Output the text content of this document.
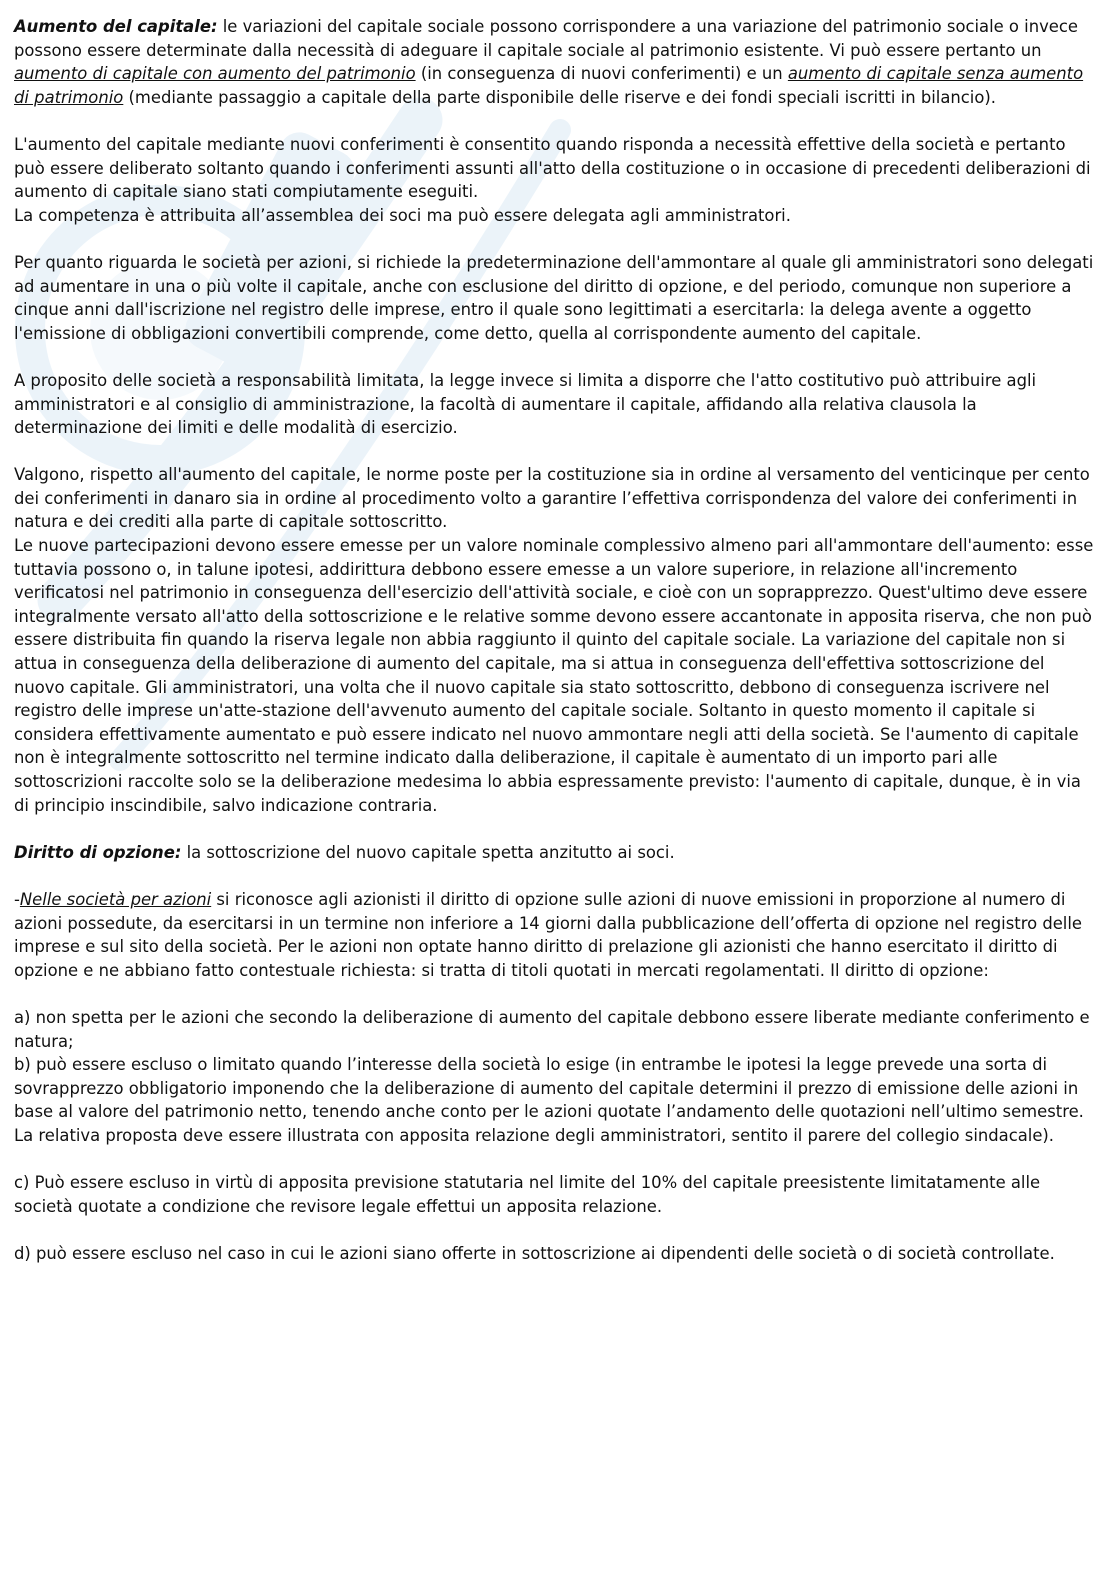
Aumento del capitale: le variazioni del capitale sociale possono corrispondere a una variazione del patrimonio sociale o invece possono essere determinate dalla necessità di adeguare il capitale sociale al patrimonio esistente. Vi può essere pertanto un aumento di capitale con aumento del patrimonio (in conseguenza di nuovi conferimenti) e un aumento di capitale senza aumento di patrimonio (mediante passaggio a capitale della parte disponibile delle riserve e dei fondi speciali iscritti in bilancio).

L'aumento del capitale mediante nuovi conferimenti è consentito quando risponda a necessità effettive della società e pertanto può essere deliberato soltanto quando i conferimenti assunti all'atto della costituzione o in occasione di precedenti deliberazioni di aumento di capitale siano stati compiutamente eseguiti.

La competenza è attribuita all’assemblea dei soci ma può essere delegata agli amministratori.

Per quanto riguarda le società per azioni, si richiede la predeterminazione dell'ammontare al quale gli amministratori sono delegati ad aumentare in una o più volte il capitale, anche con esclusione del diritto di opzione, e del periodo, comunque non superiore a cinque anni dall'iscrizione nel registro delle imprese, entro il quale sono legittimati a esercitarla: la delega avente a oggetto l'emissione di obbligazioni convertibili comprende, come detto, quella al corrispondente aumento del capitale.

A proposito delle società a responsabilità limitata, la legge invece si limita a disporre che l'atto costitutivo può attribuire agli amministratori e al consiglio di amministrazione, la facoltà di aumentare il capitale, affidando alla relativa clausola la determinazione dei limiti e delle modalità di esercizio.

Valgono, rispetto all'aumento del capitale, le norme poste per la costituzione sia in ordine al versamento del venticinque per cento dei conferimenti in danaro sia in ordine al procedimento volto a garantire l’effettiva corrispondenza del valore dei conferimenti in natura e dei crediti alla parte di capitale sottoscritto.

Le nuove partecipazioni devono essere emesse per un valore nominale complessivo almeno pari all'ammontare dell'aumento: esse tuttavia possono o, in talune ipotesi, addirittura debbono essere emesse a un valore superiore, in relazione all'incremento verificatosi nel patrimonio in conseguenza dell'esercizio dell'attività sociale, e cioè con un soprapprezzo. Quest'ultimo deve essere integralmente versato all'atto della sottoscrizione e le relative somme devono essere accantonate in apposita riserva, che non può essere distribuita fin quando la riserva legale non abbia raggiunto il quinto del capitale sociale. La variazione del capitale non si attua in conseguenza della deliberazione di aumento del capitale, ma si attua in conseguenza dell'effettiva sottoscrizione del nuovo capitale. Gli amministratori, una volta che il nuovo capitale sia stato sottoscritto, debbono di conseguenza iscrivere nel registro delle imprese un'atte-stazione dell'avvenuto aumento del capitale sociale. Soltanto in questo momento il capitale si considera effettivamente aumentato e può essere indicato nel nuovo ammontare negli atti della società. Se l'aumento di capitale non è integralmente sottoscritto nel termine indicato dalla deliberazione, il capitale è aumentato di un importo pari alle sottoscrizioni raccolte solo se la deliberazione medesima lo abbia espressamente previsto: l'aumento di capitale, dunque, è in via di principio inscindibile, salvo indicazione contraria.

Diritto di opzione: la sottoscrizione del nuovo capitale spetta anzitutto ai soci.

-Nelle società per azioni si riconosce agli azionisti il diritto di opzione sulle azioni di nuove emissioni in proporzione al numero di azioni possedute, da esercitarsi in un termine non inferiore a 14 giorni dalla pubblicazione dell’offerta di opzione nel registro delle imprese e sul sito della società. Per le azioni non optate hanno diritto di prelazione gli azionisti che hanno esercitato il diritto di opzione e ne abbiano fatto contestuale richiesta: si tratta di titoli quotati in mercati regolamentati. Il diritto di opzione:

a) non spetta per le azioni che secondo la deliberazione di aumento del capitale debbono essere liberate mediante conferimento e natura;

b) può essere escluso o limitato quando l’interesse della società lo esige (in entrambe le ipotesi la legge prevede una sorta di sovrapprezzo obbligatorio imponendo che la deliberazione di aumento del capitale determini il prezzo di emissione delle azioni in base al valore del patrimonio netto, tenendo anche conto per le azioni quotate l’andamento delle quotazioni nell’ultimo semestre. La relativa proposta deve essere illustrata con apposita relazione degli amministratori, sentito il parere del collegio sindacale).

c) Può essere escluso in virtù di apposita previsione statutaria nel limite del 10% del capitale preesistente limitatamente alle società quotate a condizione che revisore legale effettui un apposita relazione.

d) può essere escluso nel caso in cui le azioni siano offerte in sottoscrizione ai dipendenti delle società o di società controllate.
